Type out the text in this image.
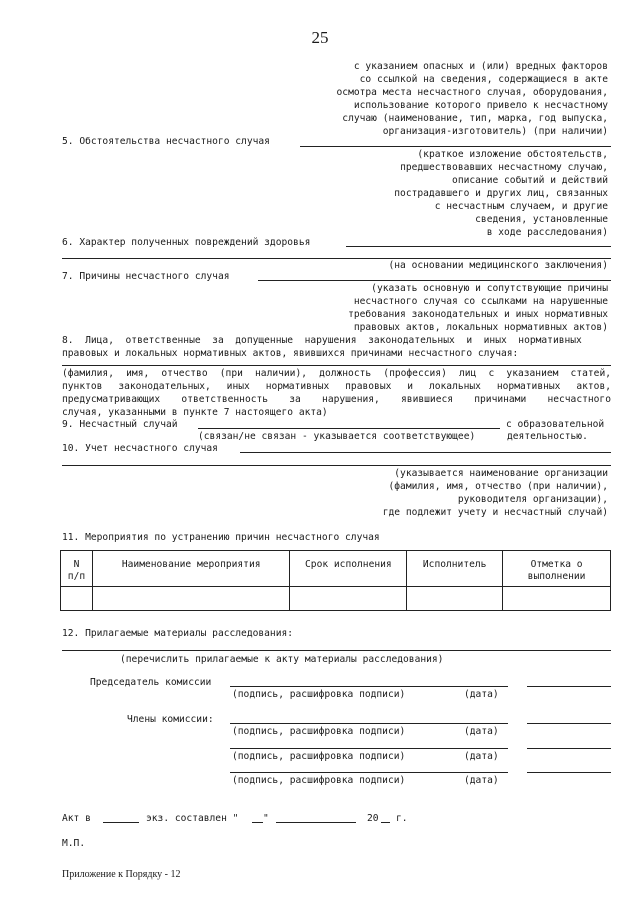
25
с указанием опасных и (или) вредных факторов
со ссылкой на сведения, содержащиеся в акте
осмотра места несчастного случая, оборудования,
использование которого привело к несчастному
случаю (наименование, тип, марка, год выпуска,
организация-изготовитель) (при наличии)
5. Обстоятельства несчастного случая
(краткое изложение обстоятельств,
предшествовавших несчастному случаю,
описание событий и действий
пострадавшего и других лиц, связанных
с несчастным случаем, и другие
сведения, установленные
в ходе расследования)
6. Характер полученных повреждений здоровья
(на основании медицинского заключения)
7. Причины несчастного случая
(указать основную и сопутствующие причины
несчастного случая со ссылками на нарушенные
требования законодательных и иных нормативных
правовых актов, локальных нормативных актов)
8.  Лица,  ответственные  за  допущенные  нарушения  законодательных  и  иных  нормативных
правовых и локальных нормативных актов, явившихся причинами несчастного случая:
(фамилия, имя, отчество (при наличии), должность (профессия) лиц с указанием статей,
пунктов законодательных, иных нормативных правовых и локальных нормативных актов,
предусматривающих ответственность за нарушения, явившиеся причинами несчастного
случая, указанными в пункте 7 настоящего акта)
9. Несчастный случай	с образовательной
(связан/не связан - указывается соответствующее)	деятельностью.
10. Учет несчастного случая
(указывается наименование организации
(фамилия, имя, отчество (при наличии),
руководителя организации),
где подлежит учету и несчастный случай)
11. Мероприятия по устранению причин несчастного случая
N
п/п	Наименование мероприятия	Срок исполнения	Исполнитель	Отметка о
выполнении

12. Прилагаемые материалы расследования:
(перечислить прилагаемые к акту материалы расследования)
Председатель комиссии
(подпись, расшифровка подписи)	(дата)
Члены комиссии:
(подпись, расшифровка подписи)	(дата)
(подпись, расшифровка подписи)	(дата)
(подпись, расшифровка подписи)	(дата)
Акт в	экз. составлен "	"	20 г.
М.П.
Приложение к Порядку - 12
